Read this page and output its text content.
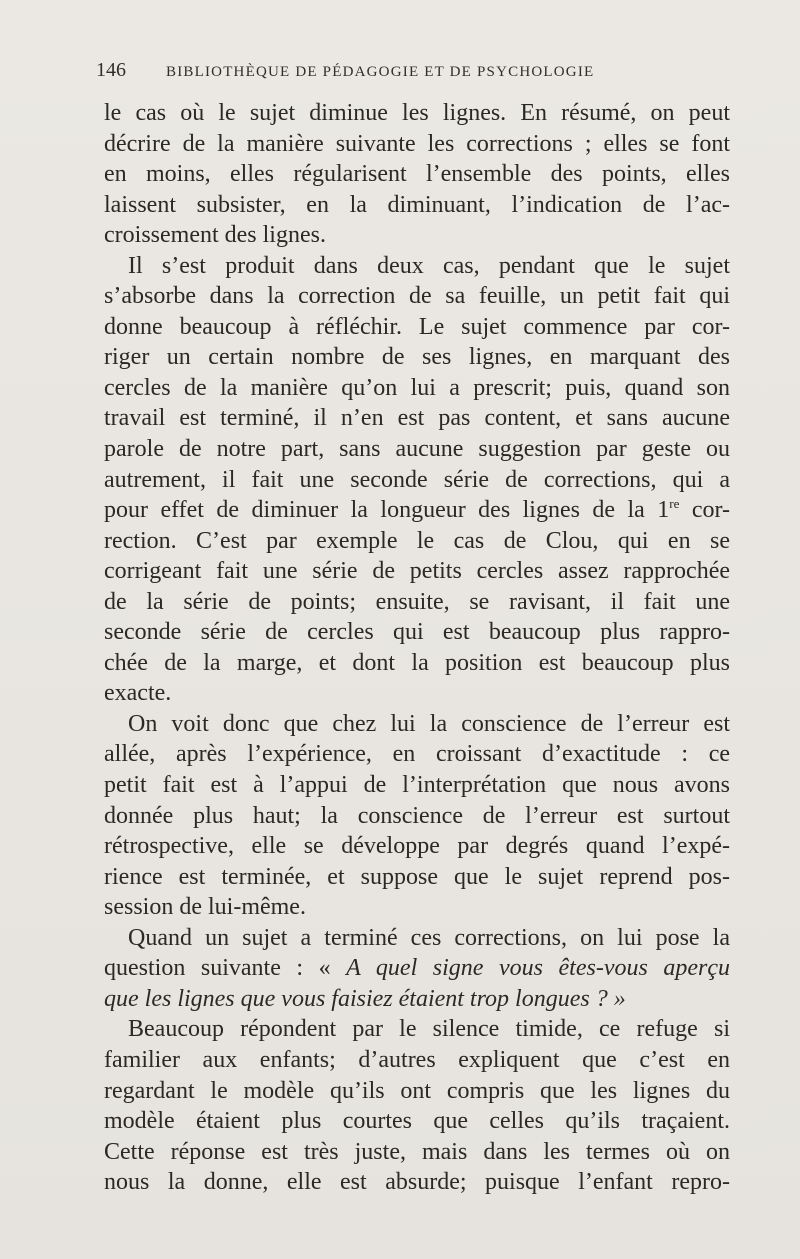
146	BIBLIOTHÈQUE DE PÉDAGOGIE ET DE PSYCHOLOGIE
le cas où le sujet diminue les lignes. En résumé, on peut
décrire de la manière suivante les corrections ; elles se font
en moins, elles régularisent l’ensemble des points, elles
laissent subsister, en la diminuant, l’indication de l’ac-
croissement des lignes.
Il s’est produit dans deux cas, pendant que le sujet
s’absorbe dans la correction de sa feuille, un petit fait qui
donne beaucoup à réfléchir. Le sujet commence par cor-
riger un certain nombre de ses lignes, en marquant des
cercles de la manière qu’on lui a prescrit; puis, quand son
travail est terminé, il n’en est pas content, et sans aucune
parole de notre part, sans aucune suggestion par geste ou
autrement, il fait une seconde série de corrections, qui a
pour effet de diminuer la longueur des lignes de la 1re cor-
rection. C’est par exemple le cas de Clou, qui en se
corrigeant fait une série de petits cercles assez rapprochée
de la série de points; ensuite, se ravisant, il fait une
seconde série de cercles qui est beaucoup plus rappro-
chée de la marge, et dont la position est beaucoup plus
exacte.
On voit donc que chez lui la conscience de l’erreur est
allée, après l’expérience, en croissant d’exactitude : ce
petit fait est à l’appui de l’interprétation que nous avons
donnée plus haut; la conscience de l’erreur est surtout
rétrospective, elle se développe par degrés quand l’expé-
rience est terminée, et suppose que le sujet reprend pos-
session de lui-même.
Quand un sujet a terminé ces corrections, on lui pose la
question suivante : « A quel signe vous êtes-vous aperçu
que les lignes que vous faisiez étaient trop longues ? »
Beaucoup répondent par le silence timide, ce refuge si
familier aux enfants; d’autres expliquent que c’est en
regardant le modèle qu’ils ont compris que les lignes du
modèle étaient plus courtes que celles qu’ils traçaient.
Cette réponse est très juste, mais dans les termes où on
nous la donne, elle est absurde; puisque l’enfant repro-
